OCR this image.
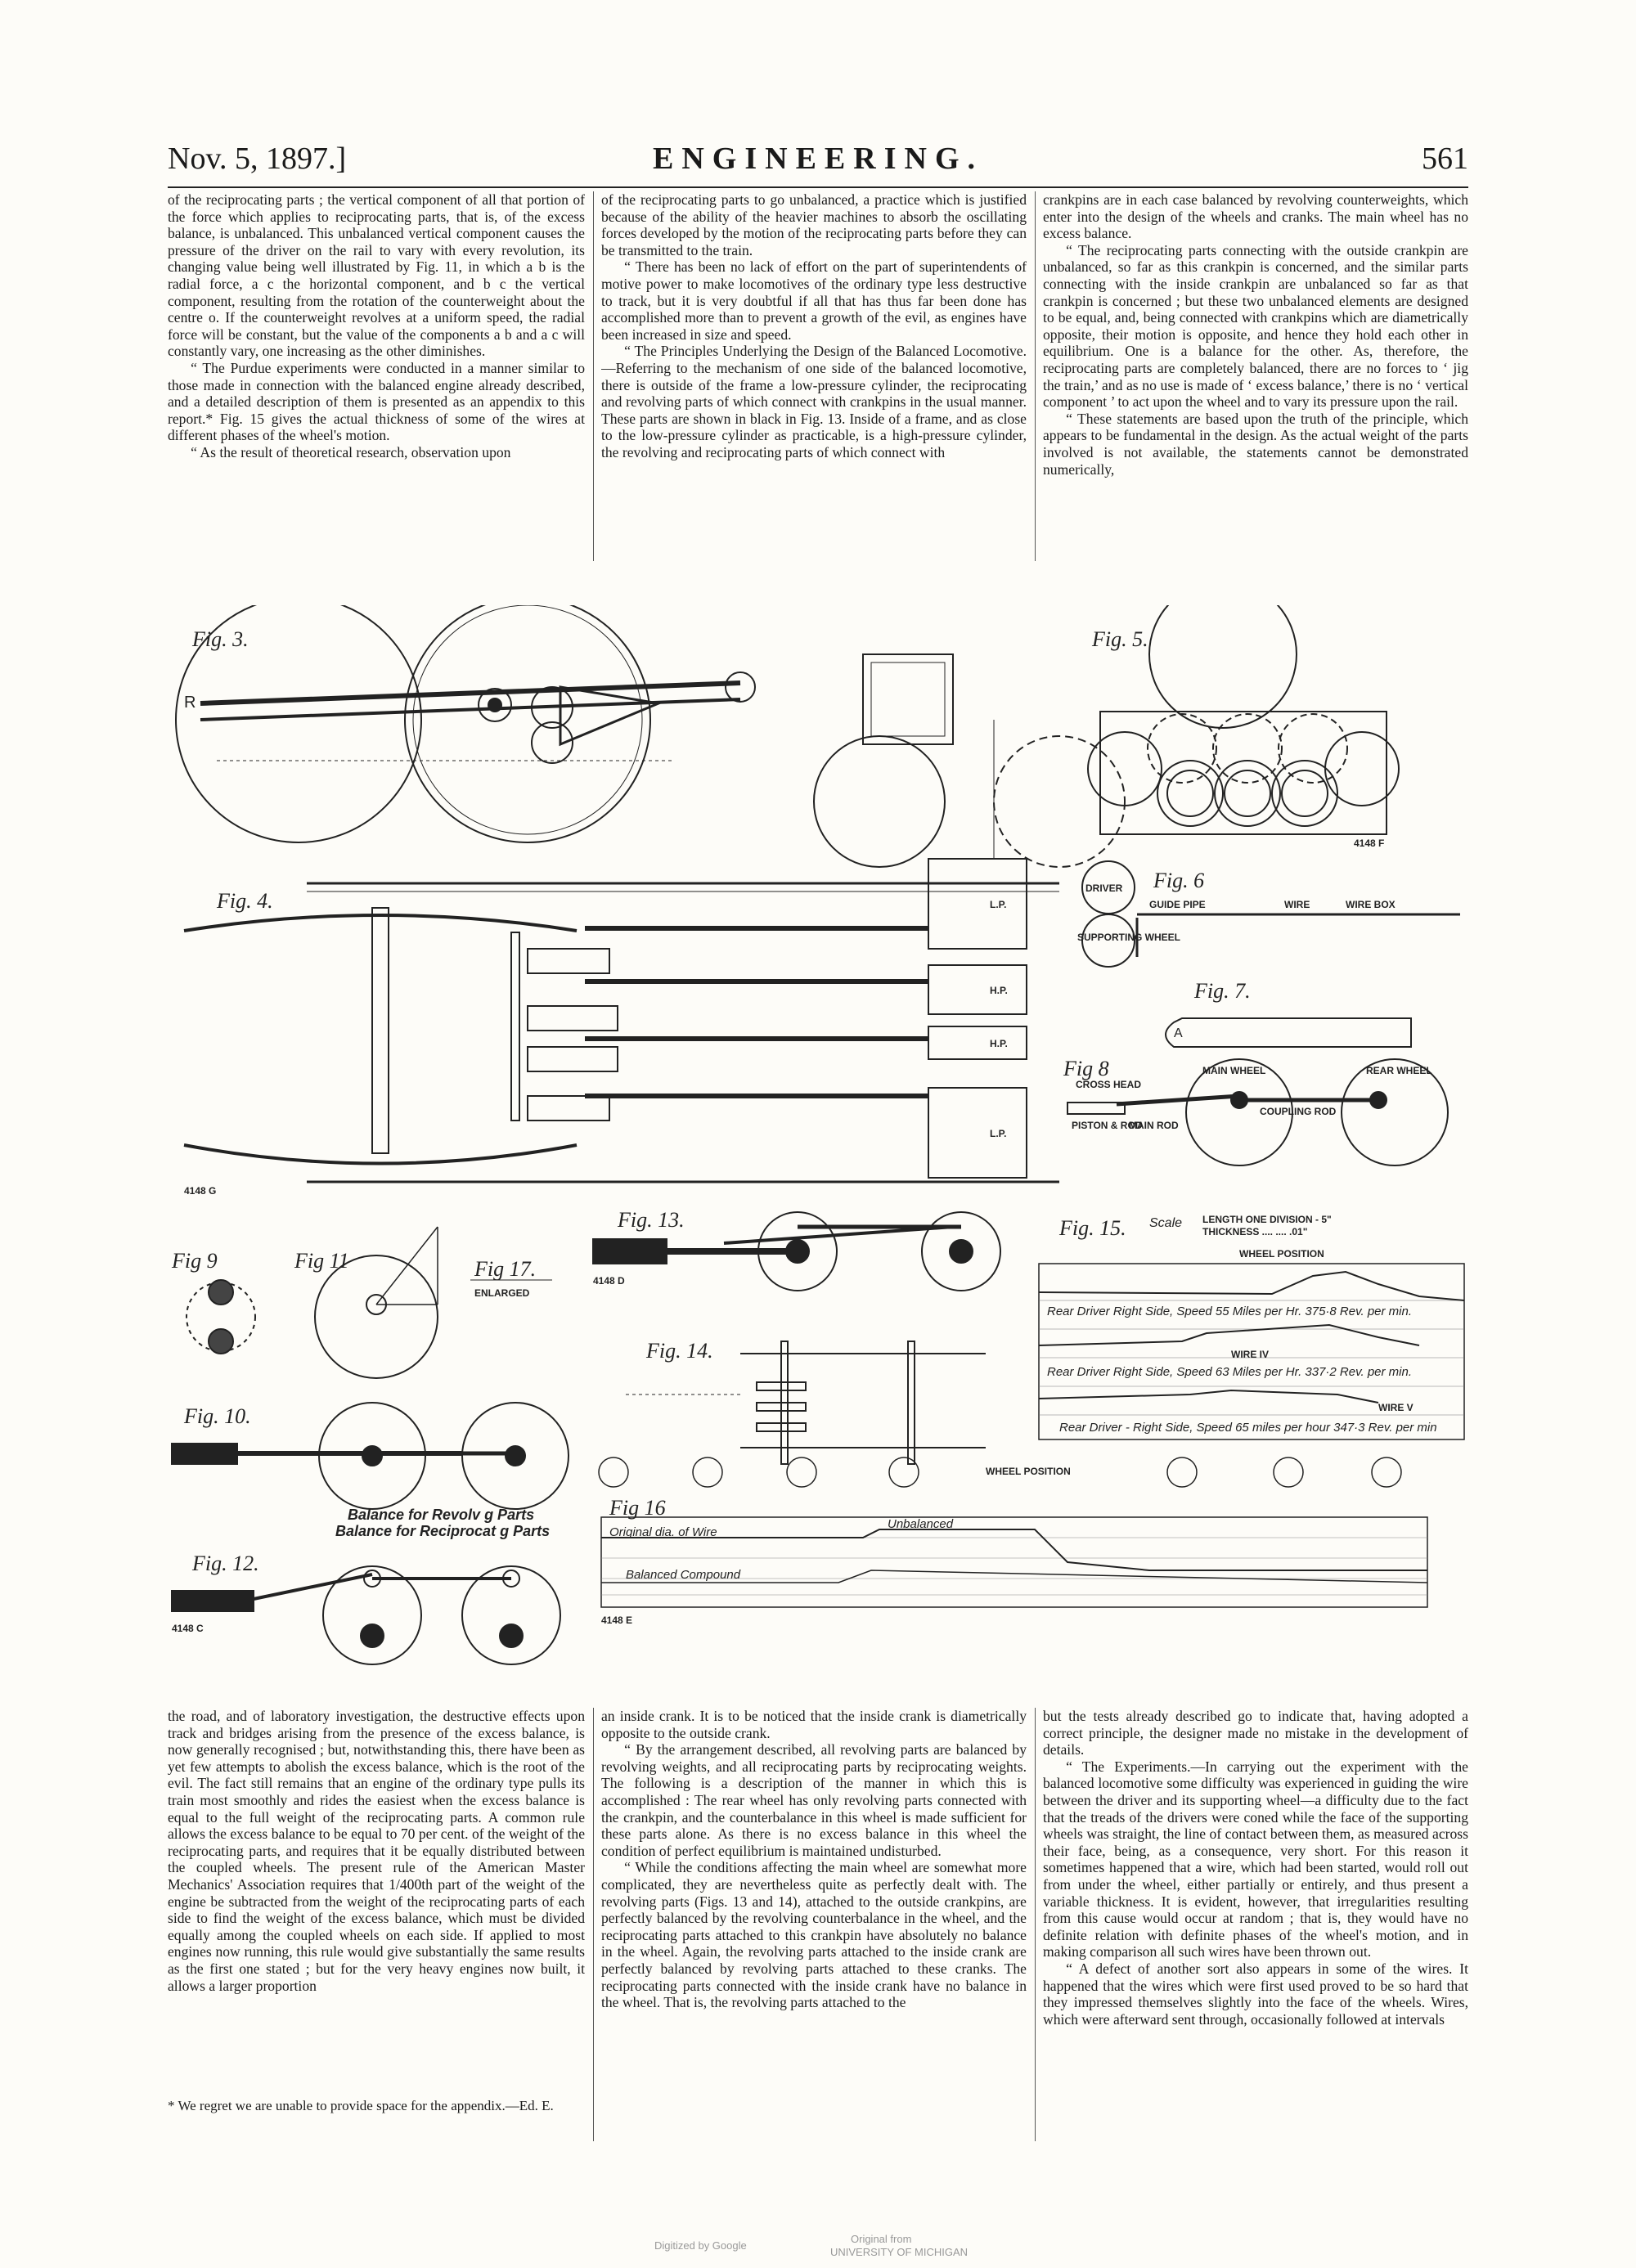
Nov. 5, 1897.]	ENGINEERING.	561

of the reciprocating parts ; the vertical component of all that portion of the force which applies to reciprocating parts, that is, of the excess balance, is unbalanced. This unbalanced vertical component causes the pressure of the driver on the rail to vary with every revolution, its changing value being well illustrated by Fig. 11, in which a b is the radial force, a c the horizontal component, and b c the vertical component, resulting from the rotation of the counterweight about the centre o. If the counterweight revolves at a uniform speed, the radial force will be constant, but the value of the components a b and a c will constantly vary, one increasing as the other diminishes.

“ The Purdue experiments were conducted in a manner similar to those made in connection with the balanced engine already described, and a detailed description of them is presented as an appendix to this report.* Fig. 15 gives the actual thickness of some of the wires at different phases of the wheel's motion.

“ As the result of theoretical research, observation upon

of the reciprocating parts to go unbalanced, a practice which is justified because of the ability of the heavier machines to absorb the oscillating forces developed by the motion of the reciprocating parts before they can be transmitted to the train.

“ There has been no lack of effort on the part of superintendents of motive power to make locomotives of the ordinary type less destructive to track, but it is very doubtful if all that has thus far been done has accomplished more than to prevent a growth of the evil, as engines have been increased in size and speed.

“ The Principles Underlying the Design of the Balanced Locomotive.—Referring to the mechanism of one side of the balanced locomotive, there is outside of the frame a low-pressure cylinder, the reciprocating and revolving parts of which connect with crankpins in the usual manner. These parts are shown in black in Fig. 13. Inside of a frame, and as close to the low-pressure cylinder as practicable, is a high-pressure cylinder, the revolving and reciprocating parts of which connect with

crankpins are in each case balanced by revolving counterweights, which enter into the design of the wheels and cranks. The main wheel has no excess balance.

“ The reciprocating parts connecting with the outside crankpin are unbalanced, so far as this crankpin is concerned, and the similar parts connecting with the inside crankpin are unbalanced so far as that crankpin is concerned ; but these two unbalanced elements are designed to be equal, and, being connected with crankpins which are diametrically opposite, their motion is opposite, and hence they hold each other in equilibrium. One is a balance for the other. As, therefore, the reciprocating parts are completely balanced, there are no forces to ‘ jig the train,’ and as no use is made of ‘ excess balance,’ there is no ‘ vertical component ’ to act upon the wheel and to vary its pressure upon the rail.

“ These statements are based upon the truth of the principle, which appears to be fundamental in the design. As the actual weight of the parts involved is not available, the statements cannot be demonstrated numerically,

Fig. 3.
R
Fig. 5.
4148 F
Fig. 4.	L.P.
H.P.
H.P.
L.P.
4148 G
Fig. 6
DRIVER
SUPPORTING WHEEL
GUIDE PIPE	WIRE	WIRE BOX
Fig. 7.
A
Fig 8
CROSS HEAD
MAIN WHEEL	REAR WHEEL
COUPLING ROD
MAIN ROD
PISTON & ROD
Fig 9	Fig 11	Fig 17.
ENLARGED
Fig. 13.
4148 D
Fig. 14.
Fig. 15. Scale LENGTH ONE DIVISION - 5"
THICKNESS .... .... .01"
WHEEL POSITION
Rear Driver Right Side, Speed 55 Miles per Hr. 375·8 Rev. per min.
Rear Driver Right Side, Speed 63 Miles per Hr. 337·2 Rev. per min.
Rear Driver - Right Side, Speed 65 miles per hour 347·3 Rev. per min
WIRE IV
WIRE V
Fig. 10.
Balance for Revolv g Parts
Balance for Reciprocat g Parts
Fig. 12.
4148 C
WHEEL POSITION
Fig 16
Original dia. of Wire
Unbalanced
Balanced Compound
4148 E

the road, and of laboratory investigation, the destructive effects upon track and bridges arising from the presence of the excess balance, is now generally recognised ; but, notwithstanding this, there have been as yet few attempts to abolish the excess balance, which is the root of the evil. The fact still remains that an engine of the ordinary type pulls its train most smoothly and rides the easiest when the excess balance is equal to the full weight of the reciprocating parts. A common rule allows the excess balance to be equal to 70 per cent. of the weight of the reciprocating parts, and requires that it be equally distributed between the coupled wheels. The present rule of the American Master Mechanics' Association requires that 1/400th part of the weight of the engine be subtracted from the weight of the reciprocating parts of each side to find the weight of the excess balance, which must be divided equally among the coupled wheels on each side. If applied to most engines now running, this rule would give substantially the same results as the first one stated ; but for the very heavy engines now built, it allows a larger proportion

* We regret we are unable to provide space for the appendix.—Ed. E.

an inside crank. It is to be noticed that the inside crank is diametrically opposite to the outside crank.

“ By the arrangement described, all revolving parts are balanced by revolving weights, and all reciprocating parts by reciprocating weights. The following is a description of the manner in which this is accomplished : The rear wheel has only revolving parts connected with the crankpin, and the counterbalance in this wheel is made sufficient for these parts alone. As there is no excess balance in this wheel the condition of perfect equilibrium is maintained undisturbed.

“ While the conditions affecting the main wheel are somewhat more complicated, they are nevertheless quite as perfectly dealt with. The revolving parts (Figs. 13 and 14), attached to the outside crankpins, are perfectly balanced by the revolving counterbalance in the wheel, and the reciprocating parts attached to this crankpin have absolutely no balance in the wheel. Again, the revolving parts attached to the inside crank are perfectly balanced by revolving parts attached to these cranks. The reciprocating parts connected with the inside crank have no balance in the wheel. That is, the revolving parts attached to the

but the tests already described go to indicate that, having adopted a correct principle, the designer made no mistake in the development of details.

“ The Experiments.—In carrying out the experiment with the balanced locomotive some difficulty was experienced in guiding the wire between the driver and its supporting wheel—a difficulty due to the fact that the treads of the drivers were coned while the face of the supporting wheels was straight, the line of contact between them, as measured across their face, being, as a consequence, very short. For this reason it sometimes happened that a wire, which had been started, would roll out from under the wheel, either partially or entirely, and thus present a variable thickness. It is evident, however, that irregularities resulting from this cause would occur at random ; that is, they would have no definite relation with definite phases of the wheel's motion, and in making comparison all such wires have been thrown out.

“ A defect of another sort also appears in some of the wires. It happened that the wires which were first used proved to be so hard that they impressed themselves slightly into the face of the wheels. Wires, which were afterward sent through, occasionally followed at intervals

Digitized by Google
Original from
UNIVERSITY OF MICHIGAN
